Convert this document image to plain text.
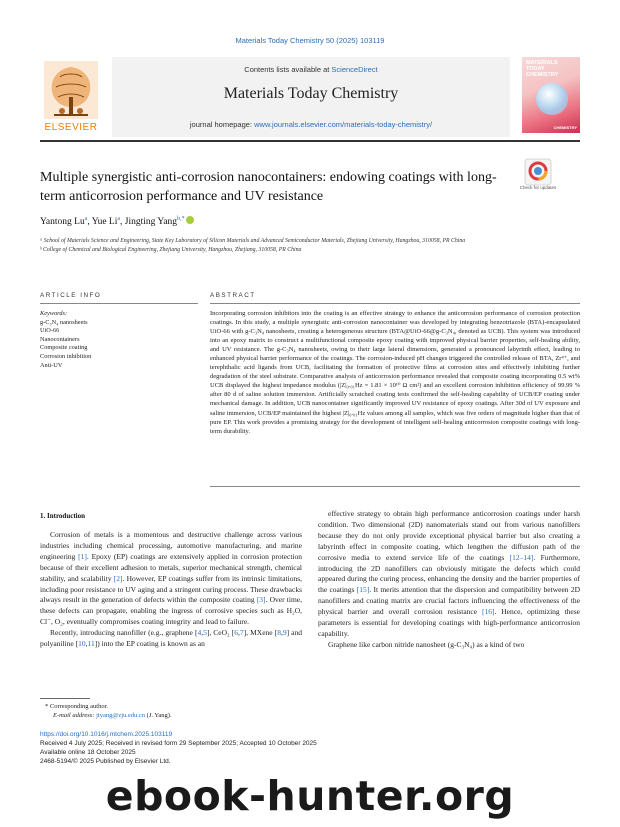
Materials Today Chemistry 50 (2025) 103119
ELSEVIER
Contents lists available at ScienceDirect
Materials Today Chemistry
journal homepage: www.journals.elsevier.com/materials-today-chemistry/
MATERIALS
TODAY
CHEMISTRY
CHEMISTRY
Multiple synergistic anti-corrosion nanocontainers: endowing coatings with long-term anticorrosion performance and UV resistance
Check for updates
Yantong Lu$^a$, Yue Li$^a$, Jingting Yang$^{b,*}$

ᵃ School of Materials Science and Engineering, State Key Laboratory of Silicon Materials and Advanced Semiconductor Materials, Zhejiang University, Hangzhou, 310058, PR China

ᵇ College of Chemical and Biological Engineering, Zhejiang University, Hangzhou, Zhejiang, 310058, PR China

ARTICLE INFO	ABSTRACT
Keywords:
g-C₃N₄ nanosheets
UiO-66
Nanocontainers
Composite coating
Corrosion inhibition
Anti-UV
Incorporating corrosion inhibitors into the coating is an effective strategy to enhance the anticorrosion performance of corrosion protection coatings. In this study, a multiple synergistic anti-corrosion nanocontainer was developed by integrating benzotriazole (BTA)-encapsulated UiO-66 with g-C₃N₄ nanosheets, creating a heterogeneous structure (BTA@UiO-66@g-C₃N₄, denoted as UCB). This system was introduced into an epoxy matrix to construct a multifunctional composite epoxy coating with improved physical barrier properties, self-healing ability, and UV resistance. The g-C₃N₄ nanosheets, owing to their large lateral dimensions, generated a pronounced labyrinth effect, leading to enhanced physical barrier performance of the coatings. The corrosion-induced pH changes triggered the controlled release of BTA, Zr⁴⁺, and terephthalic acid ligands from UCB, facilitating the formation of protective films at corrosion sites and effectively inhibiting further degradation of the steel substrate. Comparative analysis of anticorrosion performance revealed that composite coating incorporating 0.5 wt% UCB displayed the highest impedance modulus (|Z|₀.₀₁Hz = 1.81 × 10¹⁰ Ω cm²) and an excellent corrosion inhibition efficiency of 99.99 % after 80 d of saline solution immersion. Artificially scratched coating tests confirmed the self-healing capability of UCB/EP coating under mechanical damage. In addition, UCB nanocontainer significantly improved UV resistance of epoxy coatings. After 30d of UV exposure and saline immersion, UCB/EP maintained the highest |Z|₀.₀₁Hz values among all samples, which was five orders of magnitude higher than that of pure EP. This work provides a promising strategy for the development of intelligent self-healing anticorrosion composite coatings with long-term durability.
1. Introduction

Corrosion of metals is a momentous and destructive challenge across various industries including chemical processing, automotive manufacturing, and marine engineering [1]. Epoxy (EP) coatings are extensively applied in corrosion protection because of their excellent adhesion to metals, superior mechanical strength, chemical stability, and scalability [2]. However, EP coatings suffer from its intrinsic limitations, including poor resistance to UV aging and a stringent curing process. These drawbacks always result in the generation of defects within the composite coating [3]. Over time, these defects can propagate, enabling the ingress of corrosive species such as H₂O, Cl⁻, O₂, eventually compromises coating integrity and lead to failure.

Recently, introducing nanofiller (e.g., graphene [4,5], CeO₂ [6,7], MXene [8,9] and polyaniline [10,11]) into the EP coating is known as an

effective strategy to obtain high performance anticorrosion coatings under harsh condition. Two dimensional (2D) nanomaterials stand out from various nanofillers because they do not only provide exceptional physical barrier but also creating a labyrinth effect in composite coating, which lengthen the diffusion path of the corrosive media to extend service life of the coatings [12–14]. Furthermore, introducing the 2D nanofillers can obviously mitigate the defects which could appeared during the curing process, enhancing the density and the barrier properties of the coatings [15]. It merits attention that the dispersion and compatibility between 2D nanofillers and coating matrix are crucial factors influencing the effectiveness of the physical barrier and overall corrosion resistance [16]. Hence, optimizing these parameters is essential for developing coatings with high-performance anticorrosion capability.

Graphene like carbon nitride nanosheet (g-C₃N₄) as a kind of two

* Corresponding author.
E-mail address: jtyang@zju.edu.cn (J. Yang).
https://doi.org/10.1016/j.mtchem.2025.103119
Received 4 July 2025; Received in revised form 29 September 2025; Accepted 10 October 2025
Available online 18 October 2025
2468-5194/© 2025 Published by Elsevier Ltd.
ebook-hunter.org
